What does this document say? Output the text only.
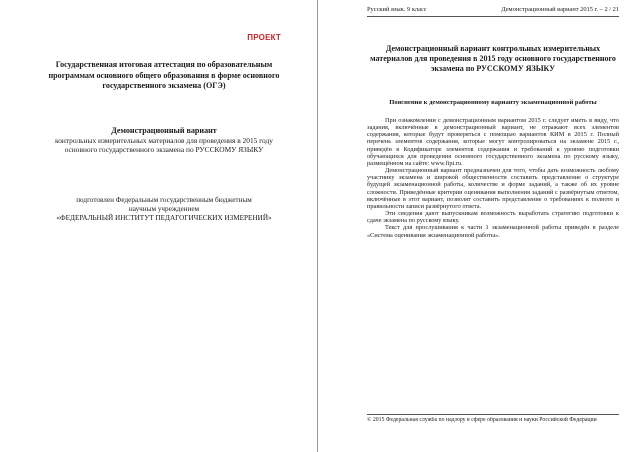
ПРОЕКТ
Государственная итоговая аттестация по образовательным программам основного общего образования в форме основного государственного экзамена (ОГЭ)
Демонстрационный вариант
контрольных измерительных материалов для проведения в 2015 году основного государственного экзамена по РУССКОМУ ЯЗЫКУ
подготовлен Федеральным государственным бюджетным
научным учреждением
«ФЕДЕРАЛЬНЫЙ ИНСТИТУТ ПЕДАГОГИЧЕСКИХ ИЗМЕРЕНИЙ»
Русский язык. 9 класс	Демонстрационный вариант 2015 г. – 2 / 21
Демонстрационный вариант контрольных измерительных материалов для проведения в 2015 году основного государственного экзамена по РУССКОМУ ЯЗЫКУ
Пояснения к демонстрационному варианту экзаменационной работы

При ознакомлении с демонстрационным вариантом 2015 г. следует иметь в виду, что задания, включённые в демонстрационный вариант, не отражают всех элементов содержания, которые будут проверяться с помощью вариантов КИМ в 2015 г. Полный перечень элементов содержания, которые могут контролироваться на экзамене 2015 г., приведён в Кодификаторе элементов содержания и требований к уровню подготовки обучающихся для проведения основного государственного экзамена по русскому языку, размещённом на сайте: www.fipi.ru.

Демонстрационный вариант предназначен для того, чтобы дать возможность любому участнику экзамена и широкой общественности составить представление о структуре будущей экзаменационной работы, количестве и форме заданий, а также об их уровне сложности. Приведённые критерии оценивания выполнения заданий с развёрнутым ответом, включённые в этот вариант, позволят составить представление о требованиях к полноте и правильности записи развёрнутого ответа.

Эти сведения дают выпускникам возможность выработать стратегию подготовки к сдаче экзамена по русскому языку.

Текст для прослушивания к части 1 экзаменационной работы приведён в разделе «Система оценивания экзаменационной работы».

© 2015 Федеральная служба по надзору в сфере образования и науки Российской Федерации
